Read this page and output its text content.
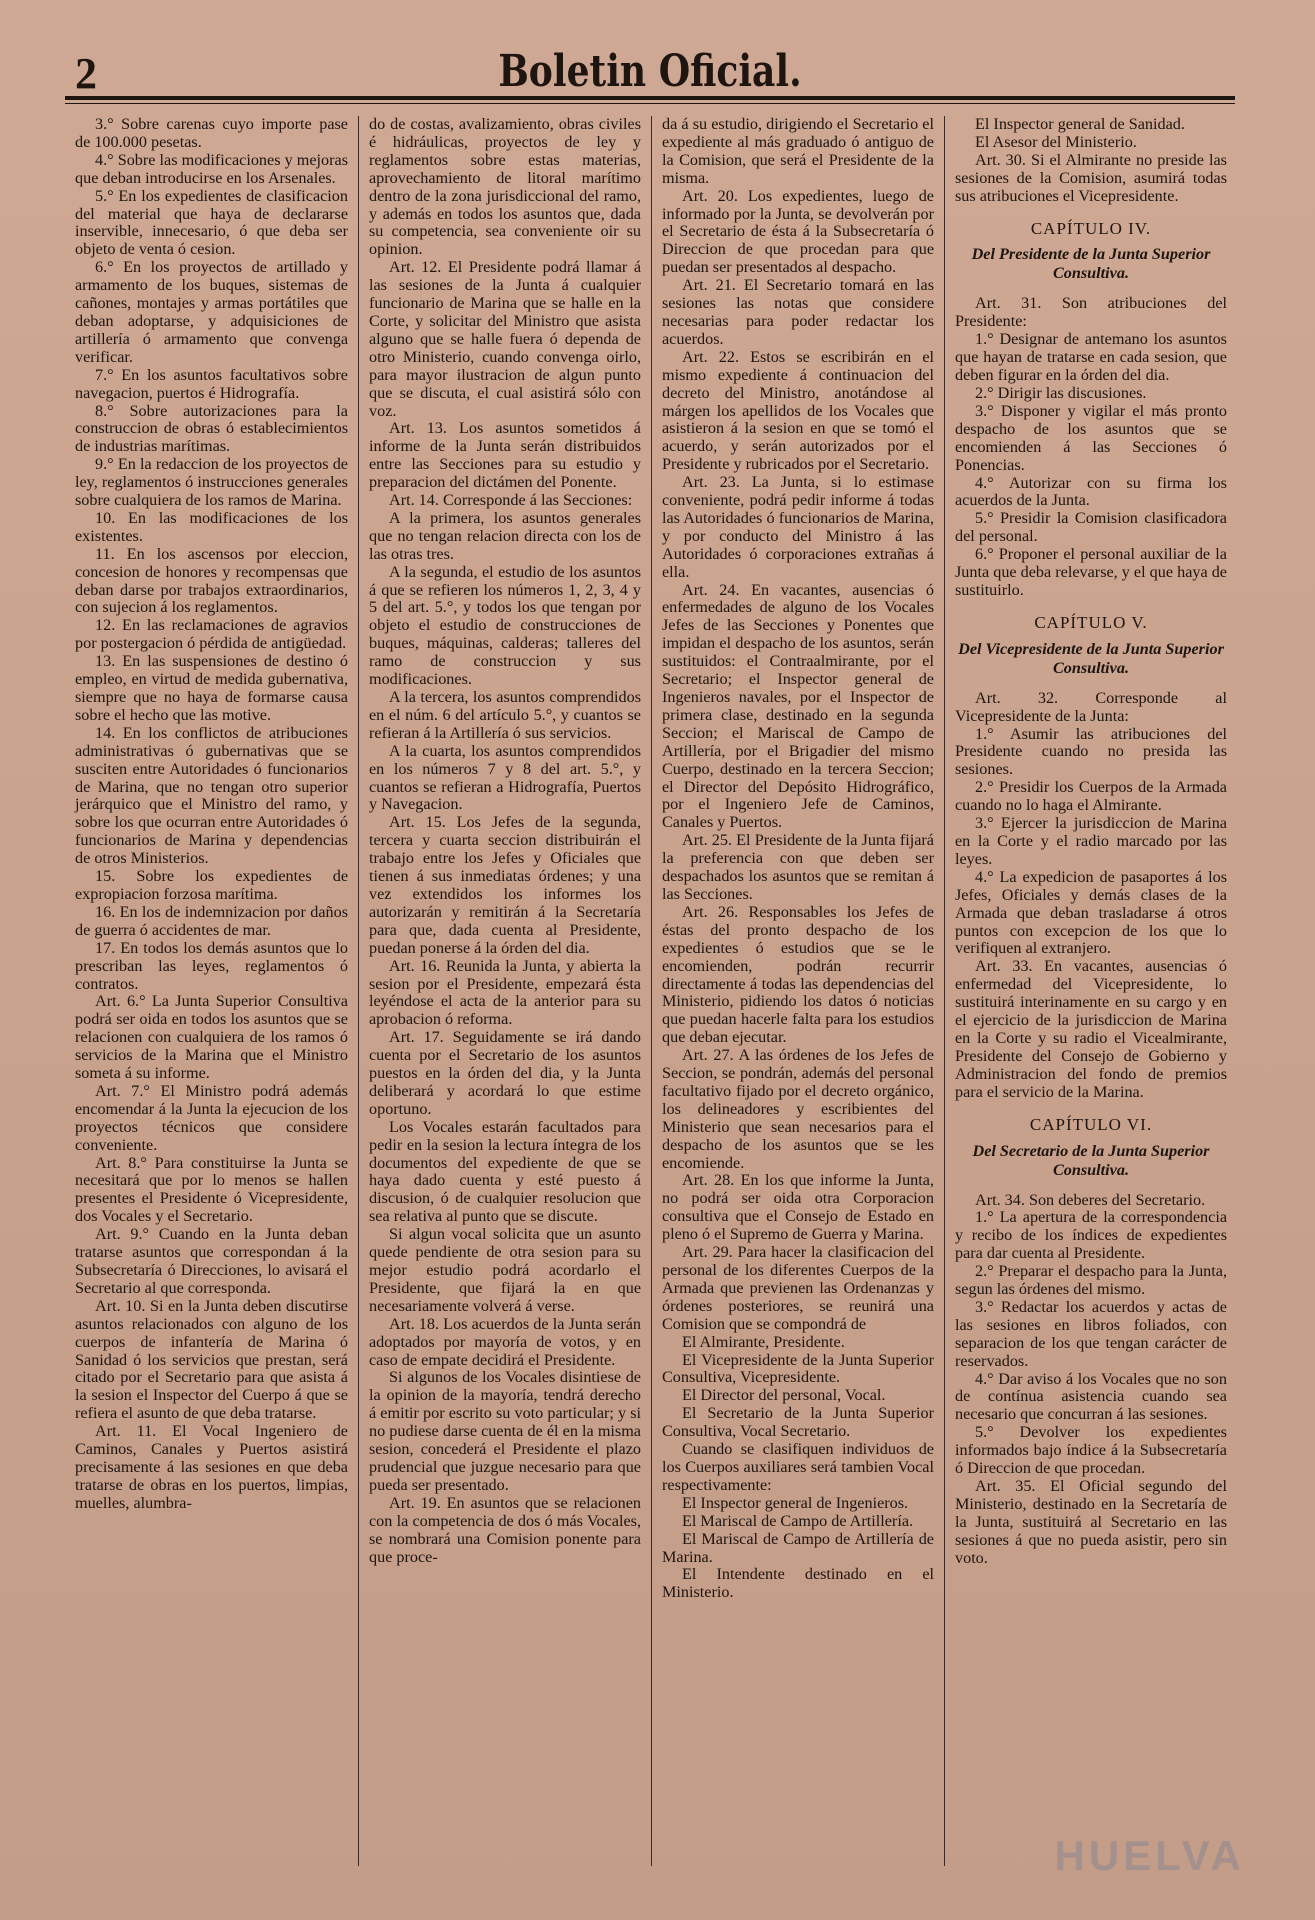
2	Boletin Oficial.

3.° Sobre carenas cuyo importe pase de 100.000 pesetas.

4.° Sobre las modificaciones y mejoras que deban introducirse en los Arsenales.

5.° En los expedientes de clasificacion del material que haya de declararse inservible, innecesario, ó que deba ser objeto de venta ó cesion.

6.° En los proyectos de artillado y armamento de los buques, sistemas de cañones, montajes y armas portátiles que deban adoptarse, y adquisiciones de artillería ó armamento que convenga verificar.

7.° En los asuntos facultativos sobre navegacion, puertos é Hidrografía.

8.° Sobre autorizaciones para la construccion de obras ó establecimientos de industrias marítimas.

9.° En la redaccion de los proyectos de ley, reglamentos ó instrucciones generales sobre cualquiera de los ramos de Marina.

10. En las modificaciones de los existentes.

11. En los ascensos por eleccion, concesion de honores y recompensas que deban darse por trabajos extraordinarios, con sujecion á los reglamentos.

12. En las reclamaciones de agravios por postergacion ó pérdida de antigüedad.

13. En las suspensiones de destino ó empleo, en virtud de medida gubernativa, siempre que no haya de formarse causa sobre el hecho que las motive.

14. En los conflictos de atribuciones administrativas ó gubernativas que se susciten entre Autoridades ó funcionarios de Marina, que no tengan otro superior jerárquico que el Ministro del ramo, y sobre los que ocurran entre Autoridades ó funcionarios de Marina y dependencias de otros Ministerios.

15. Sobre los expedientes de expropiacion forzosa marítima.

16. En los de indemnizacion por daños de guerra ó accidentes de mar.

17. En todos los demás asuntos que lo prescriban las leyes, reglamentos ó contratos.

Art. 6.° La Junta Superior Consultiva podrá ser oida en todos los asuntos que se relacionen con cualquiera de los ramos ó servicios de la Marina que el Ministro someta á su informe.

Art. 7.° El Ministro podrá además encomendar á la Junta la ejecucion de los proyectos técnicos que considere conveniente.

Art. 8.° Para constituirse la Junta se necesitará que por lo menos se hallen presentes el Presidente ó Vicepresidente, dos Vocales y el Secretario.

Art. 9.° Cuando en la Junta deban tratarse asuntos que correspondan á la Subsecretaría ó Direcciones, lo avisará el Secretario al que corresponda.

Art. 10. Si en la Junta deben discutirse asuntos relacionados con alguno de los cuerpos de infantería de Marina ó Sanidad ó los servicios que prestan, será citado por el Secretario para que asista á la sesion el Inspector del Cuerpo á que se refiera el asunto de que deba tratarse.

Art. 11. El Vocal Ingeniero de Caminos, Canales y Puertos asistirá precisamente á las sesiones en que deba tratarse de obras en los puertos, limpias, muelles, alumbra-

do de costas, avalizamiento, obras civiles é hidráulicas, proyectos de ley y reglamentos sobre estas materias, aprovechamiento de litoral marítimo dentro de la zona jurisdiccional del ramo, y además en todos los asuntos que, dada su competencia, sea conveniente oir su opinion.

Art. 12. El Presidente podrá llamar á las sesiones de la Junta á cualquier funcionario de Marina que se halle en la Corte, y solicitar del Ministro que asista alguno que se halle fuera ó dependa de otro Ministerio, cuando convenga oirlo, para mayor ilustracion de algun punto que se discuta, el cual asistirá sólo con voz.

Art. 13. Los asuntos sometidos á informe de la Junta serán distribuidos entre las Secciones para su estudio y preparacion del dictámen del Ponente.

Art. 14. Corresponde á las Secciones:

A la primera, los asuntos generales que no tengan relacion directa con los de las otras tres.

A la segunda, el estudio de los asuntos á que se refieren los números 1, 2, 3, 4 y 5 del art. 5.°, y todos los que tengan por objeto el estudio de construcciones de buques, máquinas, calderas; talleres del ramo de construccion y sus modificaciones.

A la tercera, los asuntos comprendidos en el núm. 6 del artículo 5.°, y cuantos se refieran á la Artillería ó sus servicios.

A la cuarta, los asuntos comprendidos en los números 7 y 8 del art. 5.°, y cuantos se refieran a Hidrografía, Puertos y Navegacion.

Art. 15. Los Jefes de la segunda, tercera y cuarta seccion distribuirán el trabajo entre los Jefes y Oficiales que tienen á sus inmediatas órdenes; y una vez extendidos los informes los autorizarán y remitirán á la Secretaría para que, dada cuenta al Presidente, puedan ponerse á la órden del dia.

Art. 16. Reunida la Junta, y abierta la sesion por el Presidente, empezará ésta leyéndose el acta de la anterior para su aprobacion ó reforma.

Art. 17. Seguidamente se irá dando cuenta por el Secretario de los asuntos puestos en la órden del dia, y la Junta deliberará y acordará lo que estime oportuno.

Los Vocales estarán facultados para pedir en la sesion la lectura íntegra de los documentos del expediente de que se haya dado cuenta y esté puesto á discusion, ó de cualquier resolucion que sea relativa al punto que se discute.

Si algun vocal solicita que un asunto quede pendiente de otra sesion para su mejor estudio podrá acordarlo el Presidente, que fijará la en que necesariamente volverá á verse.

Art. 18. Los acuerdos de la Junta serán adoptados por mayoría de votos, y en caso de empate decidirá el Presidente.

Si algunos de los Vocales disintiese de la opinion de la mayoría, tendrá derecho á emitir por escrito su voto particular; y si no pudiese darse cuenta de él en la misma sesion, concederá el Presidente el plazo prudencial que juzgue necesario para que pueda ser presentado.

Art. 19. En asuntos que se relacionen con la competencia de dos ó más Vocales, se nombrará una Comision ponente para que proce-

da á su estudio, dirigiendo el Secretario el expediente al más graduado ó antiguo de la Comision, que será el Presidente de la misma.

Art. 20. Los expedientes, luego de informado por la Junta, se devolverán por el Secretario de ésta á la Subsecretaría ó Direccion de que procedan para que puedan ser presentados al despacho.

Art. 21. El Secretario tomará en las sesiones las notas que considere necesarias para poder redactar los acuerdos.

Art. 22. Estos se escribirán en el mismo expediente á continuacion del decreto del Ministro, anotándose al márgen los apellidos de los Vocales que asistieron á la sesion en que se tomó el acuerdo, y serán autorizados por el Presidente y rubricados por el Secretario.

Art. 23. La Junta, si lo estimase conveniente, podrá pedir informe á todas las Autoridades ó funcionarios de Marina, y por conducto del Ministro á las Autoridades ó corporaciones extrañas á ella.

Art. 24. En vacantes, ausencias ó enfermedades de alguno de los Vocales Jefes de las Secciones y Ponentes que impidan el despacho de los asuntos, serán sustituidos: el Contraalmirante, por el Secretario; el Inspector general de Ingenieros navales, por el Inspector de primera clase, destinado en la segunda Seccion; el Mariscal de Campo de Artillería, por el Brigadier del mismo Cuerpo, destinado en la tercera Seccion; el Director del Depósito Hidrográfico, por el Ingeniero Jefe de Caminos, Canales y Puertos.

Art. 25. El Presidente de la Junta fijará la preferencia con que deben ser despachados los asuntos que se remitan á las Secciones.

Art. 26. Responsables los Jefes de éstas del pronto despacho de los expedientes ó estudios que se le encomienden, podrán recurrir directamente á todas las dependencias del Ministerio, pidiendo los datos ó noticias que puedan hacerle falta para los estudios que deban ejecutar.

Art. 27. A las órdenes de los Jefes de Seccion, se pondrán, además del personal facultativo fijado por el decreto orgánico, los delineadores y escribientes del Ministerio que sean necesarios para el despacho de los asuntos que se les encomiende.

Art. 28. En los que informe la Junta, no podrá ser oida otra Corporacion consultiva que el Consejo de Estado en pleno ó el Supremo de Guerra y Marina.

Art. 29. Para hacer la clasificacion del personal de los diferentes Cuerpos de la Armada que previenen las Ordenanzas y órdenes posteriores, se reunirá una Comision que se compondrá de

El Almirante, Presidente.

El Vicepresidente de la Junta Superior Consultiva, Vicepresidente.

El Director del personal, Vocal.

El Secretario de la Junta Superior Consultiva, Vocal Secretario.

Cuando se clasifiquen individuos de los Cuerpos auxiliares será tambien Vocal respectivamente:

El Inspector general de Ingenieros.

El Mariscal de Campo de Artillería.

El Mariscal de Campo de Artillería de Marina.

El Intendente destinado en el Ministerio.

El Inspector general de Sanidad.

El Asesor del Ministerio.

Art. 30. Si el Almirante no preside las sesiones de la Comision, asumirá todas sus atribuciones el Vicepresidente.

CAPÍTULO IV.

Del Presidente de la Junta Superior Consultiva.

Art. 31. Son atribuciones del Presidente:

1.° Designar de antemano los asuntos que hayan de tratarse en cada sesion, que deben figurar en la órden del dia.

2.° Dirigir las discusiones.

3.° Disponer y vigilar el más pronto despacho de los asuntos que se encomienden á las Secciones ó Ponencias.

4.° Autorizar con su firma los acuerdos de la Junta.

5.° Presidir la Comision clasificadora del personal.

6.° Proponer el personal auxiliar de la Junta que deba relevarse, y el que haya de sustituirlo.

CAPÍTULO V.

Del Vicepresidente de la Junta Superior Consultiva.

Art. 32. Corresponde al Vicepresidente de la Junta:

1.° Asumir las atribuciones del Presidente cuando no presida las sesiones.

2.° Presidir los Cuerpos de la Armada cuando no lo haga el Almirante.

3.° Ejercer la jurisdiccion de Marina en la Corte y el radio marcado por las leyes.

4.° La expedicion de pasaportes á los Jefes, Oficiales y demás clases de la Armada que deban trasladarse á otros puntos con excepcion de los que lo verifiquen al extranjero.

Art. 33. En vacantes, ausencias ó enfermedad del Vicepresidente, lo sustituirá interinamente en su cargo y en el ejercicio de la jurisdiccion de Marina en la Corte y su radio el Vicealmirante, Presidente del Consejo de Gobierno y Administracion del fondo de premios para el servicio de la Marina.

CAPÍTULO VI.

Del Secretario de la Junta Superior Consultiva.

Art. 34. Son deberes del Secretario.

1.° La apertura de la correspondencia y recibo de los índices de expedientes para dar cuenta al Presidente.

2.° Preparar el despacho para la Junta, segun las órdenes del mismo.

3.° Redactar los acuerdos y actas de las sesiones en libros foliados, con separacion de los que tengan carácter de reservados.

4.° Dar aviso á los Vocales que no son de contínua asistencia cuando sea necesario que concurran á las sesiones.

5.° Devolver los expedientes informados bajo índice á la Subsecretaría ó Direccion de que procedan.

Art. 35. El Oficial segundo del Ministerio, destinado en la Secretaría de la Junta, sustituirá al Secretario en las sesiones á que no pueda asistir, pero sin voto.

HUELVA
